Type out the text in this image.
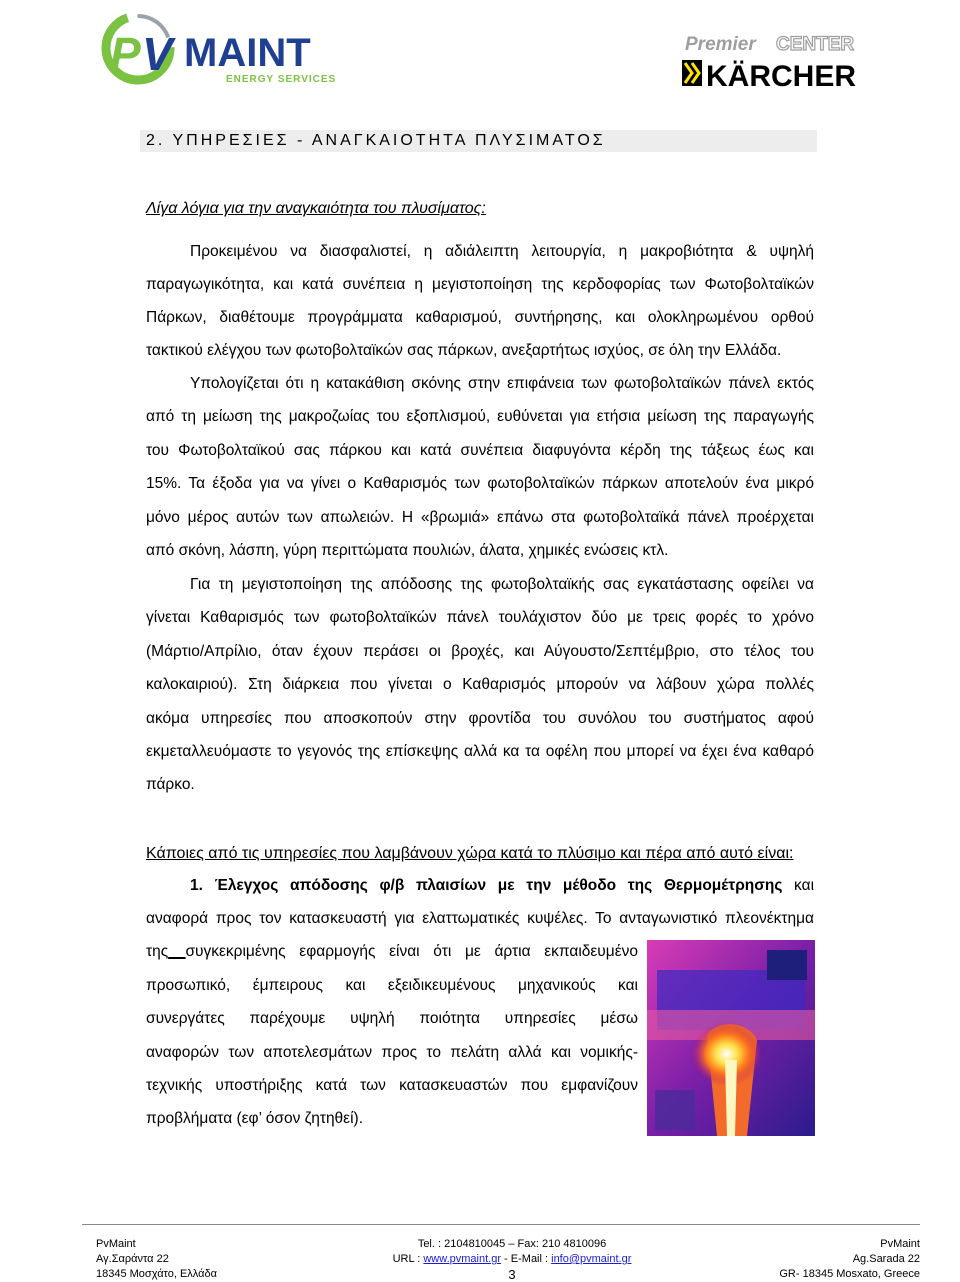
P V MAINT
ENERGY SERVICES
Premier CENTER
KÄRCHER
2. ΥΠΗΡΕΣΙΕΣ - ΑΝΑΓΚΑΙΟΤΗΤΑ ΠΛΥΣΙΜΑΤΟΣ
Λίγα λόγια για την αναγκαιότητα του πλυσίματος:
Προκειμένου να διασφαλιστεί, η αδιάλειπτη λειτουργία, η μακροβιότητα & υψηλή
παραγωγικότητα, και κατά συνέπεια η μεγιστοποίηση της κερδοφορίας των Φωτοβολταϊκών
Πάρκων, διαθέτουμε προγράμματα καθαρισμού, συντήρησης, και ολοκληρωμένου ορθού
τακτικού ελέγχου των φωτοβολταϊκών σας πάρκων, ανεξαρτήτως ισχύος, σε όλη την Ελλάδα.
Υπολογίζεται ότι η κατακάθιση σκόνης στην επιφάνεια των φωτοβολταϊκών πάνελ εκτός
από τη μείωση της μακροζωίας του εξοπλισμού, ευθύνεται για ετήσια μείωση της παραγωγής
του Φωτοβολταϊκού σας πάρκου και κατά συνέπεια διαφυγόντα κέρδη της τάξεως έως και
15%. Τα έξοδα για να γίνει ο Καθαρισμός των φωτοβολταϊκών πάρκων αποτελούν ένα μικρό
μόνο μέρος αυτών των απωλειών. Η «βρωμιά» επάνω στα φωτοβολταϊκά πάνελ προέρχεται
από σκόνη, λάσπη, γύρη περιττώματα πουλιών, άλατα, χημικές ενώσεις κτλ.
Για τη μεγιστοποίηση της απόδοσης της φωτοβολταϊκής σας εγκατάστασης οφείλει να
γίνεται Καθαρισμός των φωτοβολταϊκών πάνελ τουλάχιστον δύο με τρεις φορές το χρόνο
(Μάρτιο/Απρίλιο, όταν έχουν περάσει οι βροχές, και Αύγουστο/Σεπτέμβριο, στο τέλος του
καλοκαιριού). Στη διάρκεια που γίνεται ο Καθαρισμός μπορούν να λάβουν χώρα πολλές
ακόμα υπηρεσίες που αποσκοπούν στην φροντίδα του συνόλου του συστήματος αφού
εκμεταλλευόμαστε το γεγονός της επίσκεψης αλλά κα τα οφέλη που μπορεί να έχει ένα καθαρό
πάρκο.
Κάποιες από τις υπηρεσίες που λαμβάνουν χώρα κατά το πλύσιμο και πέρα από αυτό είναι:
1. Έλεγχος απόδοσης φ/β πλαισίων με την μέθοδο της Θερμομέτρησης και
αναφορά προς τον κατασκευαστή για ελαττωματικές κυψέλες. Το ανταγωνιστικό πλεονέκτημα
της__συγκεκριμένης εφαρμογής είναι ότι με άρτια εκπαιδευμένο
προσωπικό, έμπειρους και εξειδικευμένους μηχανικούς και
συνεργάτες παρέχουμε υψηλή ποιότητα υπηρεσίες μέσω
αναφορών των αποτελεσμάτων προς το πελάτη αλλά και νομικής-
τεχνικής υποστήριξης κατά των κατασκευαστών που εμφανίζουν
προβλήματα (εφ’ όσον ζητηθεί).
PvMaint
Αγ.Σαράντα 22
18345 Μοσχάτο, Ελλάδα
Tel. : 2104810045 – Fax: 210 4810096
URL : www.pvmaint.gr - E-Mail : info@pvmaint.gr
3
PvMaint
Ag.Sarada 22
GR- 18345 Mosxato, Greece
